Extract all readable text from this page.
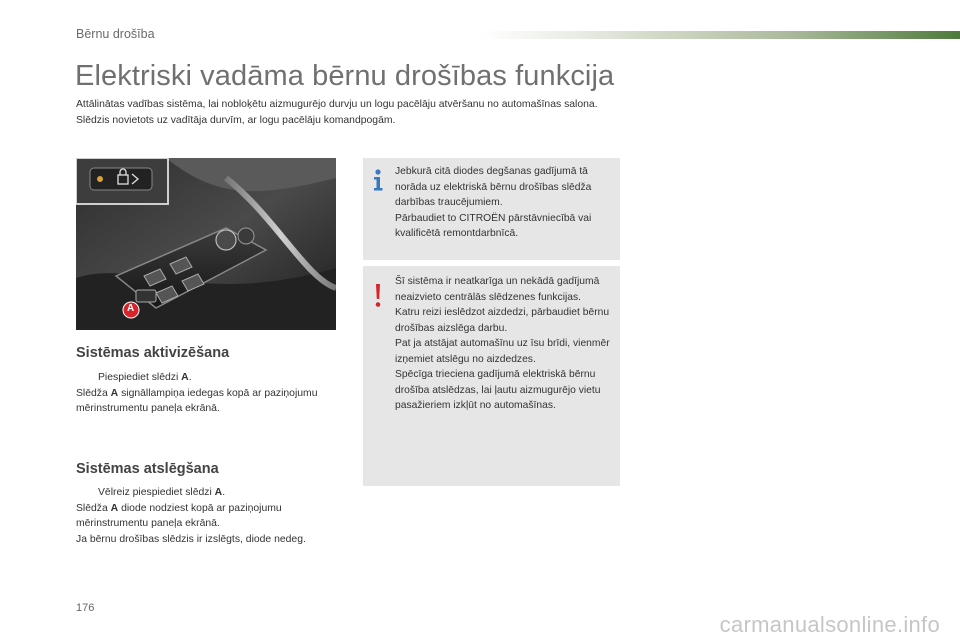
Bērnu drošība
Elektriski vadāma bērnu drošības funkcija

Attālinātas vadības sistēma, lai nobloķētu aizmugurējo durvju un logu pacēlāju atvēršanu no automašīnas salona.

Slēdzis novietots uz vadītāja durvīm, ar logu pacēlāju komandpogām.

A
Sistēmas aktivizēšana

Piespiediet slēdzi A.

Slēdža A signāllampiņa iedegas kopā ar paziņojumu mērinstrumentu paneļa ekrānā.

Sistēmas atslēgšana

Vēlreiz piespiediet slēdzi A.

Slēdža A diode nodziest kopā ar paziņojumu mērinstrumentu paneļa ekrānā.

Ja bērnu drošības slēdzis ir izslēgts, diode nedeg.

Jebkurā citā diodes degšanas gadījumā tā norāda uz elektriskā bērnu drošības slēdža darbības traucējumiem.

Pārbaudiet to CITROËN pārstāvniecībā vai kvalificētā remontdarbnīcā.

Šī sistēma ir neatkarīga un nekādā gadījumā neaizvieto centrālās slēdzenes funkcijas.

Katru reizi ieslēdzot aizdedzi, pārbaudiet bērnu drošības aizslēga darbu.

Pat ja atstājat automašīnu uz īsu brīdi, vienmēr izņemiet atslēgu no aizdedzes.

Spēcīga trieciena gadījumā elektriskā bērnu drošība atslēdzas, lai ļautu aizmugurējo vietu pasažieriem izkļūt no automašīnas.

176
carmanualsonline.info
